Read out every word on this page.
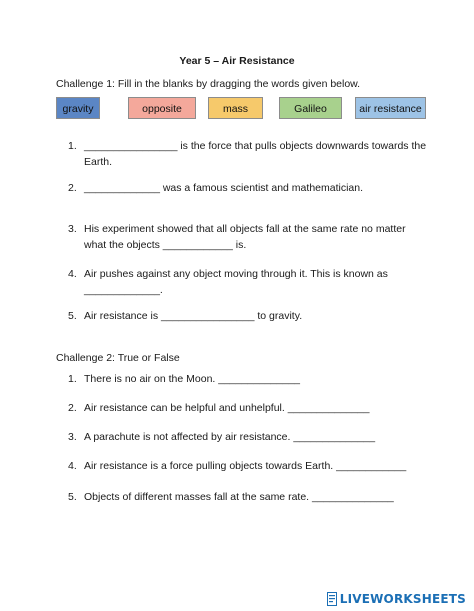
Year 5 – Air Resistance
Challenge 1: Fill in the blanks by dragging the words given below.
gravity	opposite	mass	Galileo	air resistance
1. ________________ is the force that pulls objects downwards towards the Earth.
2. _____________ was a famous scientist and mathematician.
3. His experiment showed that all objects fall at the same rate no matter what the objects ____________ is.
4. Air pushes against any object moving through it. This is known as _____________.
5. Air resistance is ________________ to gravity.
Challenge 2: True or False
1. There is no air on the Moon. ______________
2. Air resistance can be helpful and unhelpful. ______________
3. A parachute is not affected by air resistance. ______________
4. Air resistance is a force pulling objects towards Earth. ____________
5. Objects of different masses fall at the same rate. ______________
LIVEWORKSHEETS
